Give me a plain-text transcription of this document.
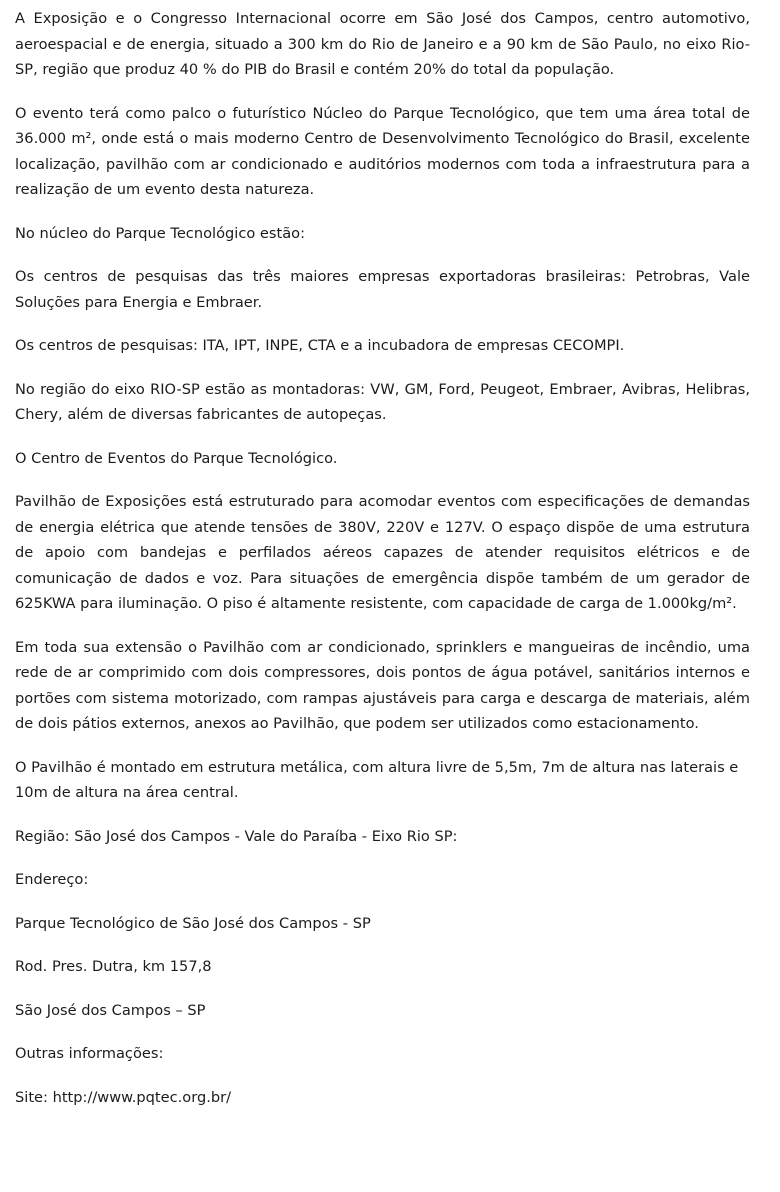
A Exposição e o Congresso Internacional ocorre em São José dos Campos, centro automotivo, aeroespacial e de energia, situado a 300 km do Rio de Janeiro e a 90 km de São Paulo, no eixo Rio-SP, região que produz 40 % do PIB do Brasil e contém 20% do total da população.

O evento terá como palco o futurístico Núcleo do Parque Tecnológico, que tem uma área total de 36.000 m², onde está o mais moderno Centro de Desenvolvimento Tecnológico do Brasil, excelente localização, pavilhão com ar condicionado e auditórios modernos com toda a infraestrutura para a realização de um evento desta natureza.

No núcleo do Parque Tecnológico estão:

Os centros de pesquisas das três maiores empresas exportadoras brasileiras: Petrobras, Vale Soluções para Energia e Embraer.

Os centros de pesquisas: ITA, IPT, INPE, CTA e a incubadora de empresas CECOMPI.

No região do eixo RIO-SP estão as montadoras: VW, GM, Ford, Peugeot, Embraer, Avibras, Helibras, Chery, além de diversas fabricantes de autopeças.

O Centro de Eventos do Parque Tecnológico.

Pavilhão de Exposições está estruturado para acomodar eventos com especificações de demandas de energia elétrica que atende tensões de 380V, 220V e 127V. O espaço dispõe de uma estrutura de apoio com bandejas e perfilados aéreos capazes de atender requisitos elétricos e de comunicação de dados e voz. Para situações de emergência dispõe também de um gerador de 625KWA para iluminação. O piso é altamente resistente, com capacidade de carga de 1.000kg/m².

Em toda sua extensão o Pavilhão com ar condicionado, sprinklers e mangueiras de incêndio, uma rede de ar comprimido com dois compressores, dois pontos de água potável, sanitários internos e portões com sistema motorizado, com rampas ajustáveis para carga e descarga de materiais, além de dois pátios externos, anexos ao Pavilhão, que podem ser utilizados como estacionamento.

O Pavilhão é montado em estrutura metálica, com altura livre de 5,5m, 7m de altura nas laterais e 10m de altura na área central.

Região: São José dos Campos - Vale do Paraíba - Eixo Rio SP:

Endereço:

Parque Tecnológico de São José dos Campos - SP

Rod. Pres. Dutra, km 157,8

São José dos Campos – SP

Outras informações:

Site: http://www.pqtec.org.br/
